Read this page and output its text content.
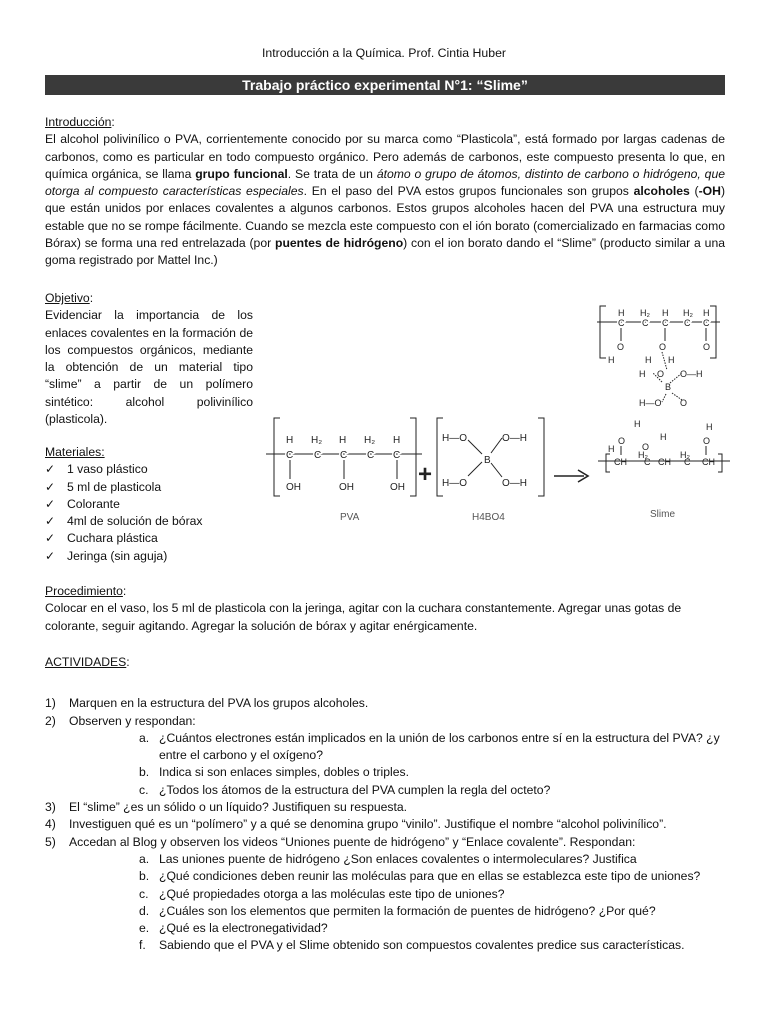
Introducción a la Química. Prof. Cintia Huber
Trabajo práctico experimental N°1: “Slime”

Introducción:

El alcohol polivinílico o PVA, corrientemente conocido por su marca como “Plasticola”, está formado por largas cadenas de carbonos, como es particular en todo compuesto orgánico. Pero además de carbonos, este compuesto presenta lo que, en química orgánica, se llama grupo funcional. Se trata de un átomo o grupo de átomos, distinto de carbono o hidrógeno, que otorga al compuesto características especiales. En el paso del PVA estos grupos funcionales son grupos alcoholes (-OH) que están unidos por enlaces covalentes a algunos carbonos. Estos grupos alcoholes hacen del PVA una estructura muy estable que no se rompe fácilmente. Cuando se mezcla este compuesto con el ión borato (comercializado en farmacias como Bórax) se forma una red entrelazada (por puentes de hidrógeno) con el ion borato dando el “Slime” (producto similar a una goma registrado por Mattel Inc.)

Objetivo:

Evidenciar la importancia de los enlaces covalentes en la formación de los compuestos orgánicos, mediante la obtención de un material tipo “slime” a partir de un polímero sintético: alcohol polivinílico (plasticola).

Materiales:

✓ 1 vaso plástico
✓ 5 ml de plasticola
✓ Colorante
✓ 4ml de solución de bórax
✓ Cuchara plástica
✓ Jeringa (sin aguja)
H H₂ H H₂ H
C C C C C
OH	OH	OH
PVA
+
H—O	O—H
B
H—O	O—H
H4BO4
H H₂ H H₂ H
C C C C C
O	O	O
H	H H
H O O—H
B
H—O O
H
H
H
O
O
O
H
CH
H₂
CH
H₂
CH
C	C
Slime

Procedimiento:

Colocar en el vaso, los 5 ml de plasticola con la jeringa, agitar con la cuchara constantemente. Agregar unas gotas de colorante, seguir agitando. Agregar la solución de bórax y agitar enérgicamente.

ACTIVIDADES:

1) Marquen en la estructura del PVA los grupos alcoholes.
2) Observen y respondan:
a. ¿Cuántos electrones están implicados en la unión de los carbonos entre sí en la estructura del PVA? ¿y entre el carbono y el oxígeno?
b. Indica si son enlaces simples, dobles o triples.
c. ¿Todos los átomos de la estructura del PVA cumplen la regla del octeto?
3) El “slime” ¿es un sólido o un líquido? Justifiquen su respuesta.
4) Investiguen qué es un “polímero” y a qué se denomina grupo “vinilo”. Justifique el nombre “alcohol polivinílico”.
5) Accedan al Blog y observen los videos “Uniones puente de hidrógeno” y “Enlace covalente”. Respondan:
a. Las uniones puente de hidrógeno ¿Son enlaces covalentes o intermoleculares? Justifica
b. ¿Qué condiciones deben reunir las moléculas para que en ellas se establezca este tipo de uniones?
c. ¿Qué propiedades otorga a las moléculas este tipo de uniones?
d. ¿Cuáles son los elementos que permiten la formación de puentes de hidrógeno? ¿Por qué?
e. ¿Qué es la electronegatividad?
f. Sabiendo que el PVA y el Slime obtenido son compuestos covalentes predice sus características.
